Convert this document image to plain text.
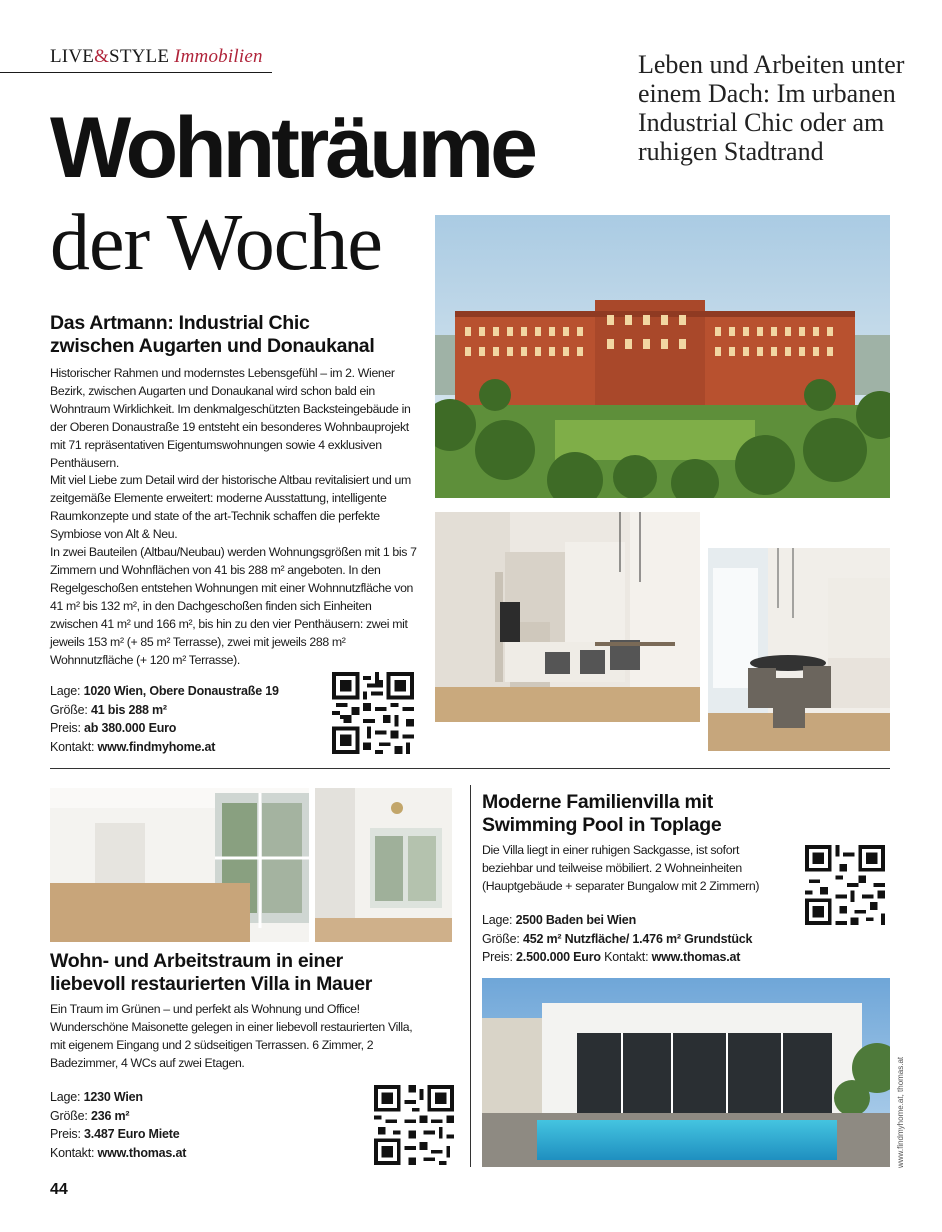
LIVE&STYLE Immobilien
Wohnträume
der Woche
Leben und Arbeiten unter einem Dach: Im urbanen Industrial Chic oder am ruhigen Stadtrand
Das Artmann: Industrial Chic
zwischen Augarten und Donaukanal

Historischer Rahmen und modernstes Lebensgefühl – im 2. Wiener Bezirk, zwischen Augarten und Donaukanal wird schon bald ein Wohntraum Wirklichkeit. Im denkmalgeschützten Backsteingebäude in der Oberen Donaustraße 19 entsteht ein besonderes Wohnbauprojekt mit 71 repräsentativen Eigentumswohnungen sowie 4 exklusiven Penthäusern.

Mit viel Liebe zum Detail wird der historische Altbau revitalisiert und um zeitgemäße Elemente erweitert: moderne Ausstattung, intelligente Raumkonzepte und state of the art-Technik schaffen die perfekte Symbiose von Alt & Neu.

In zwei Bauteilen (Altbau/Neubau) werden Wohnungsgrößen mit 1 bis 7 Zimmern und Wohnflächen von 41 bis 288 m² angeboten. In den Regelgeschoßen entstehen Wohnungen mit einer Wohnnutzfläche von 41 m² bis 132 m², in den Dachgeschoßen finden sich Einheiten zwischen 41 m² und 166 m², bis hin zu den vier Penthäusern: zwei mit jeweils 153 m² (+ 85 m² Terrasse), zwei mit jeweils 288 m² Wohnnutzfläche (+ 120 m² Terrasse).

Lage: 1020 Wien, Obere Donaustraße 19
Größe: 41 bis 288 m²
Preis: ab 380.000 Euro
Kontakt: www.findmyhome.at
Wohn- und Arbeitstraum in einer
liebevoll restaurierten Villa in Mauer
Ein Traum im Grünen – und perfekt als Wohnung und Office! Wunderschöne Maisonette gelegen in einer liebevoll restaurierten Villa, mit eigenem Eingang und 2 südseitigen Terrassen. 6 Zimmer, 2 Badezimmer, 4 WCs auf zwei Etagen.
Lage: 1230 Wien
Größe: 236 m²
Preis: 3.487 Euro Miete
Kontakt: www.thomas.at
Moderne Familienvilla mit
Swimming Pool in Toplage
Die Villa liegt in einer ruhigen Sackgasse, ist sofort beziehbar und teilweise möbiliert. 2 Wohneinheiten (Hauptgebäude + separater Bungalow mit 2 Zimmern)
Lage: 2500 Baden bei Wien
Größe: 452 m² Nutzfläche/ 1.476 m² Grundstück
Preis: 2.500.000 Euro Kontakt: www.thomas.at
www.findmyhome.at, thomas.at
44
